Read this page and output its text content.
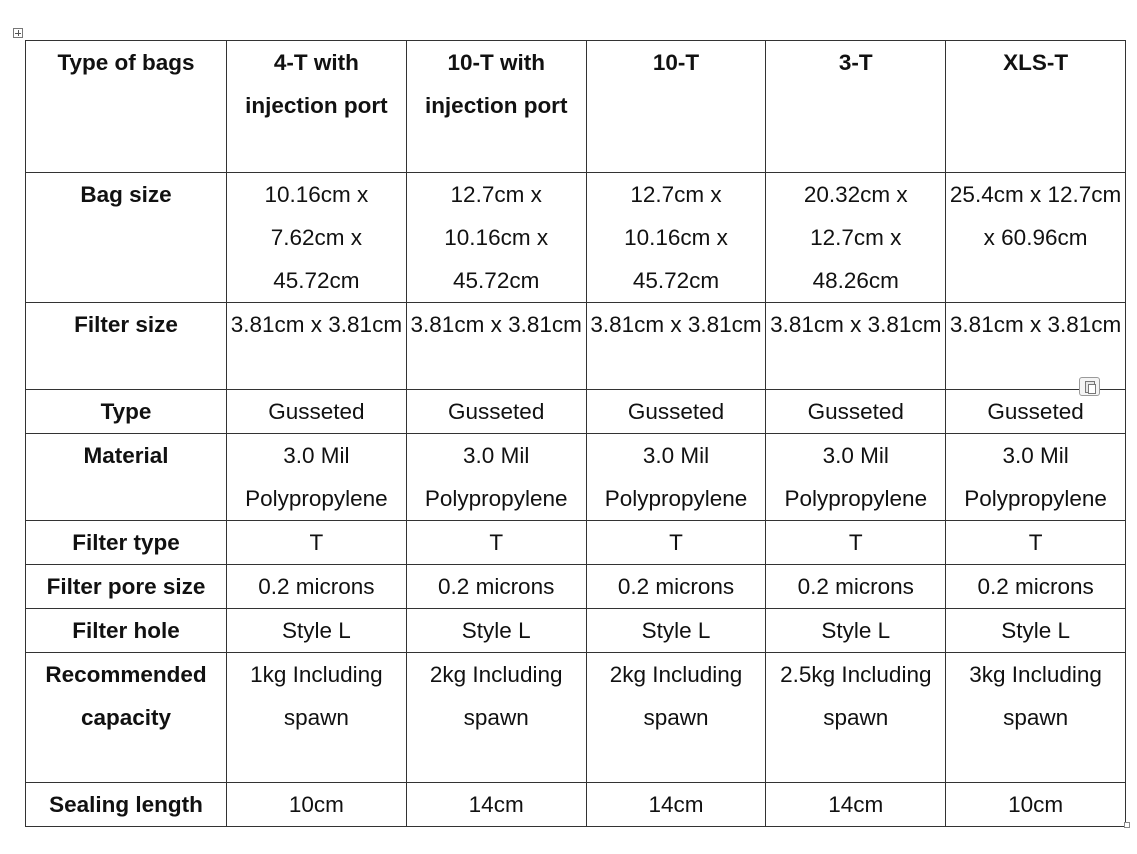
Type of bags	4-T with injection port	10-T with injection port	10-T	3-T	XLS-T
Bag size	10.16cm x 7.62cm x 45.72cm	12.7cm x 10.16cm x 45.72cm	12.7cm x 10.16cm x 45.72cm	20.32cm x 12.7cm x 48.26cm	25.4cm x 12.7cm x 60.96cm
Filter size	3.81cm x 3.81cm	3.81cm x 3.81cm	3.81cm x 3.81cm	3.81cm x 3.81cm	3.81cm x 3.81cm
Type	Gusseted	Gusseted	Gusseted	Gusseted	Gusseted
Material	3.0 Mil Polypropylene	3.0 Mil Polypropylene	3.0 Mil Polypropylene	3.0 Mil Polypropylene	3.0 Mil Polypropylene
Filter type	T	T	T	T	T
Filter pore size	0.2 microns	0.2 microns	0.2 microns	0.2 microns	0.2 microns
Filter hole	Style L	Style L	Style L	Style L	Style L
Recommended capacity	1kg Including spawn	2kg Including spawn	2kg Including spawn	2.5kg Including spawn	3kg Including spawn
Sealing length	10cm	14cm	14cm	14cm	10cm
